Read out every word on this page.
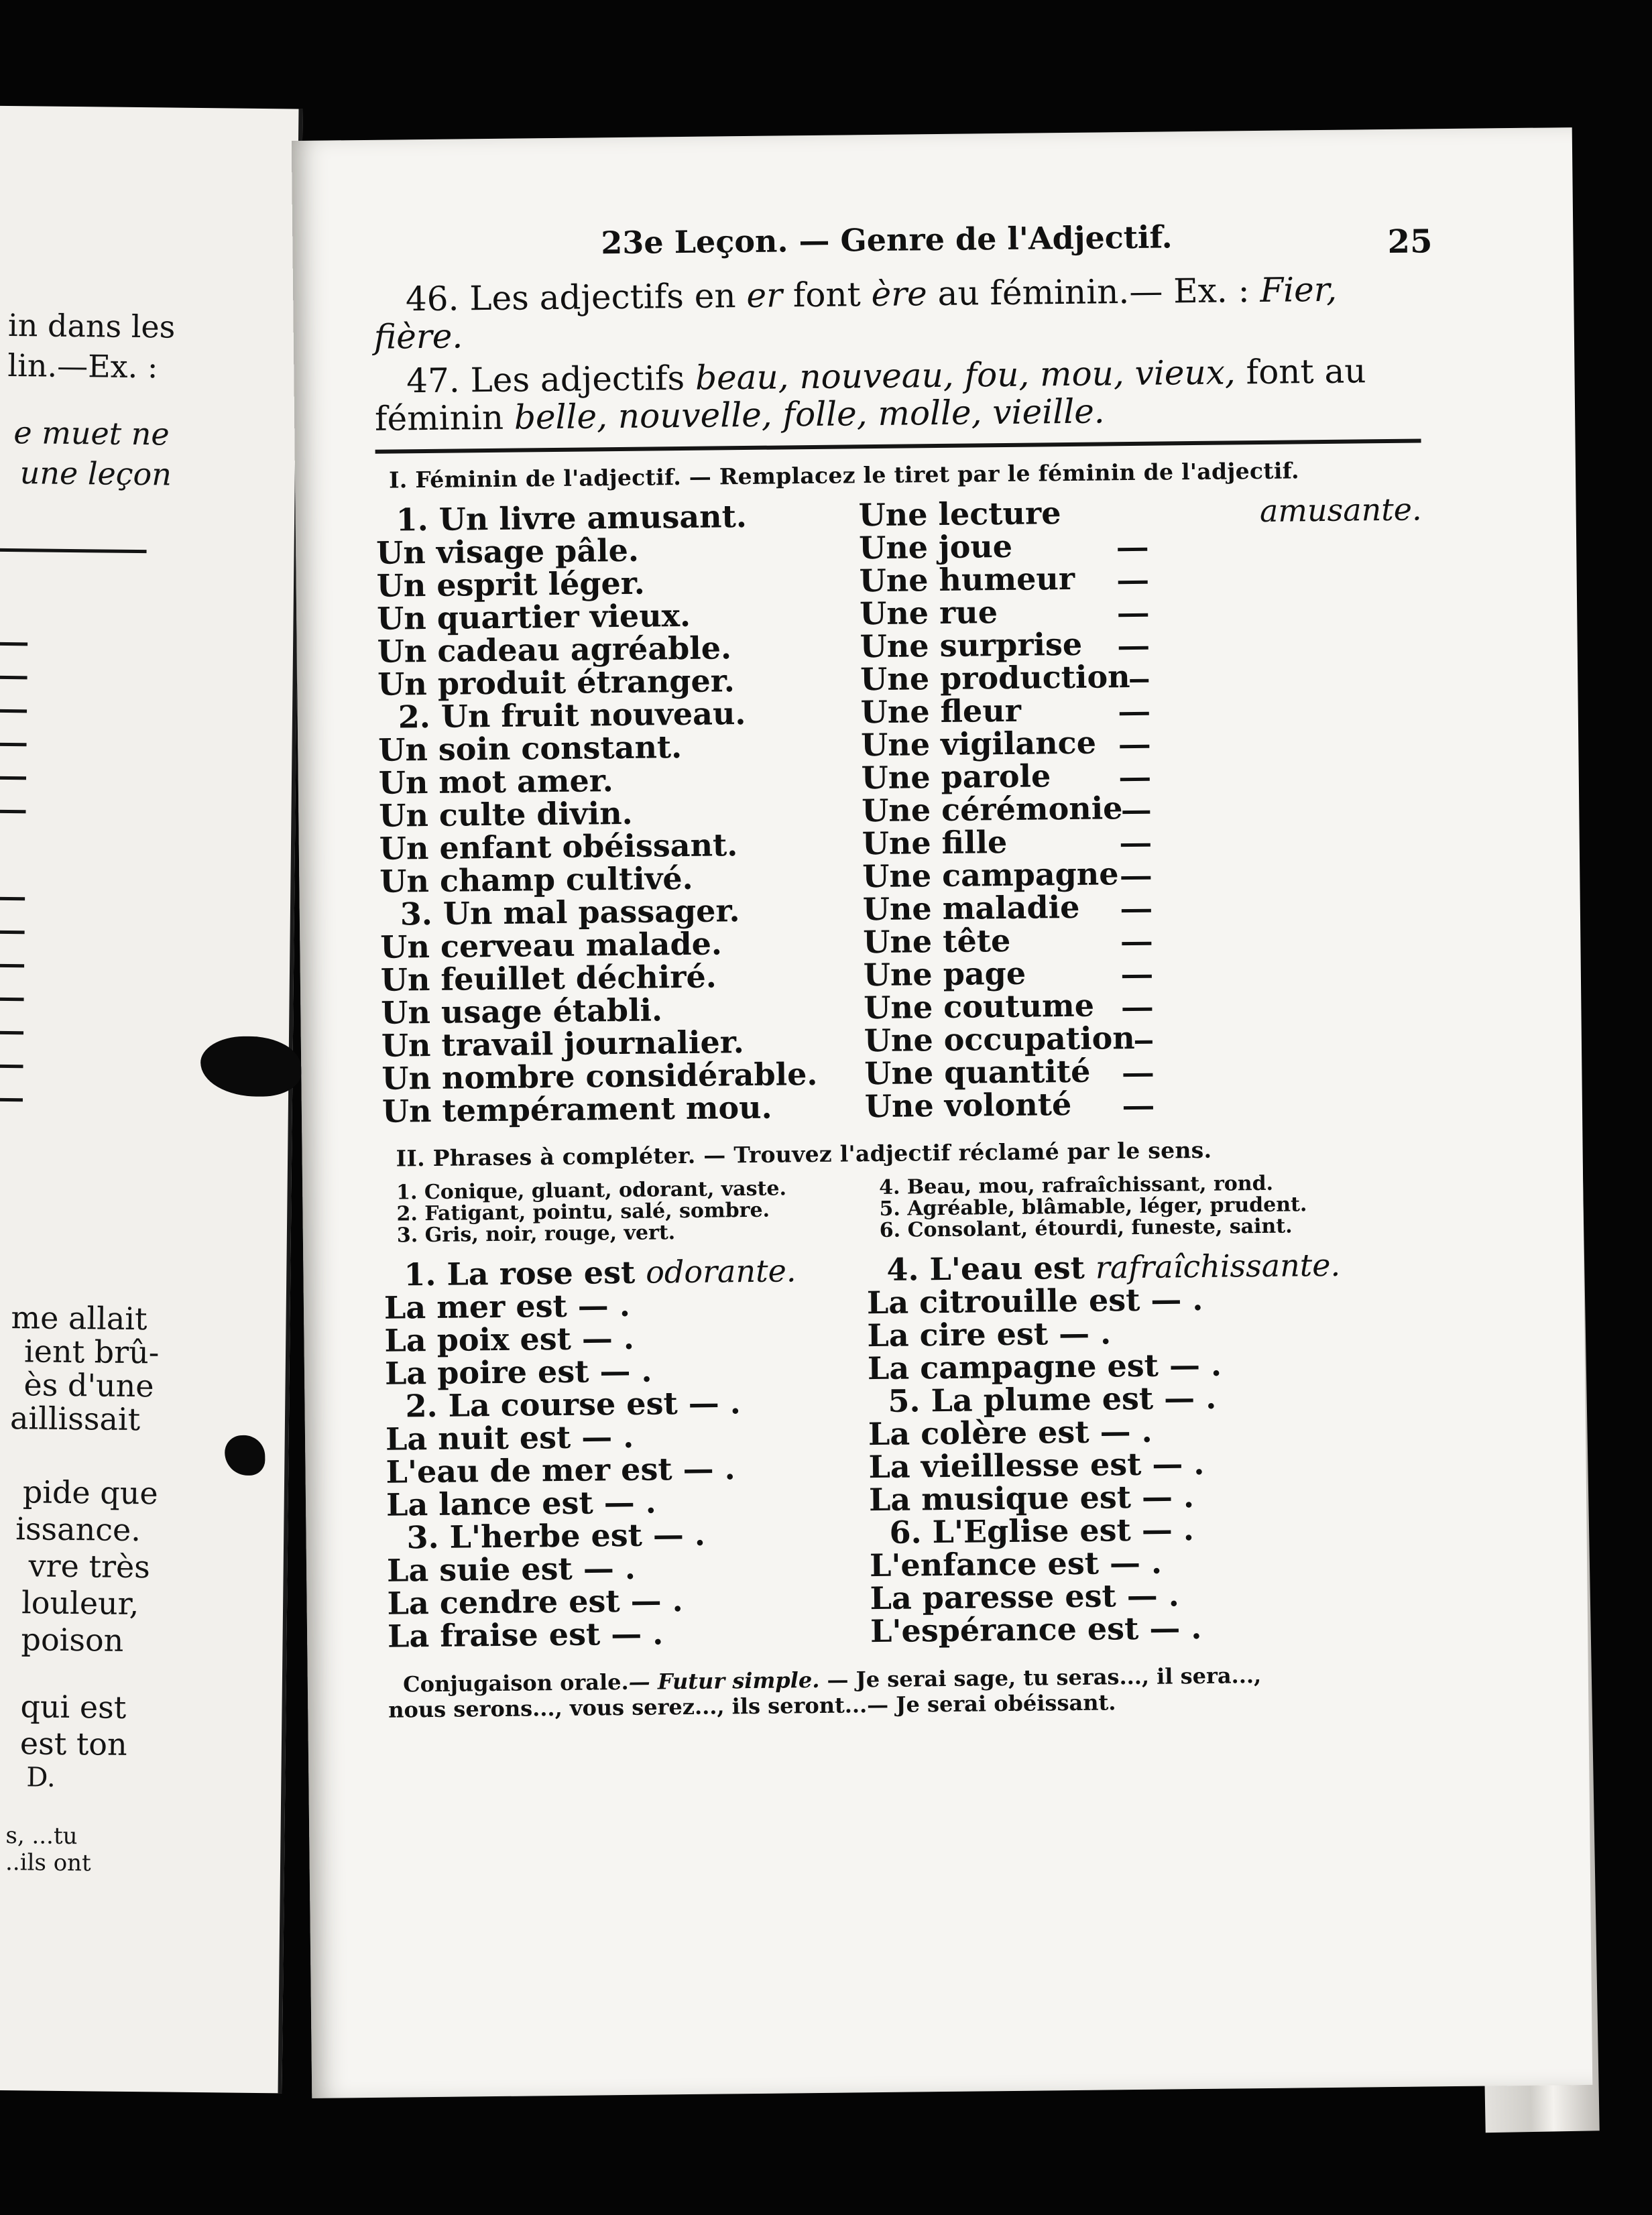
in dans les
lin.—Ex. :
e muet ne
une leçon
me allait
ient brû-
ès d'une
aillissait
pide que
issance.
vre très
louleur,
poison
qui est
est ton
D.
s, ...tu
..ils ont
23e Leçon. — Genre de l'Adjectif.	25
46. Les adjectifs en er font ère au féminin.— Ex. : Fier, fière.
47. Les adjectifs beau, nouveau, fou, mou, vieux, font au féminin belle, nouvelle, folle, molle, vieille.
I. Féminin de l'adjectif. — Remplacez le tiret par le féminin de l'adjectif.
1. Un livre amusant.
Un visage pâle.
Un esprit léger.
Un quartier vieux.
Un cadeau agréable.
Un produit étranger.
2. Un fruit nouveau.
Un soin constant.
Un mot amer.
Un culte divin.
Un enfant obéissant.
Un champ cultivé.
3. Un mal passager.
Un cerveau malade.
Un feuillet déchiré.
Un usage établi.
Un travail journalier.
Un nombre considérable.
Un tempérament mou.
Une lecture	amusante.
Une joue
Une humeur
Une rue
Une surprise
Une production
Une fleur
Une vigilance
Une parole
Une cérémonie
Une fille
Une campagne
Une maladie
Une tête
Une page
Une coutume
Une occupation
Une quantité
Une volonté
II. Phrases à compléter. — Trouvez l'adjectif réclamé par le sens.
1. Conique, gluant, odorant, vaste.
2. Fatigant, pointu, salé, sombre.
3. Gris, noir, rouge, vert.
4. Beau, mou, rafraîchissant, rond.
5. Agréable, blâmable, léger, prudent.
6. Consolant, étourdi, funeste, saint.
1. La rose est odorante.
La mer est — .
La poix est — .
La poire est — .
2. La course est — .
La nuit est — .
L'eau de mer est — .
La lance est — .
3. L'herbe est — .
La suie est — .
La cendre est — .
La fraise est — .
4. L'eau est rafraîchissante.
La citrouille est — .
La cire est — .
La campagne est — .
5. La plume est — .
La colère est — .
La vieillesse est — .
La musique est — .
6. L'Eglise est — .
L'enfance est — .
La paresse est — .
L'espérance est — .
Conjugaison orale.— Futur simple. — Je serai sage, tu seras..., il sera...,
nous serons..., vous serez..., ils seront...— Je serai obéissant.
